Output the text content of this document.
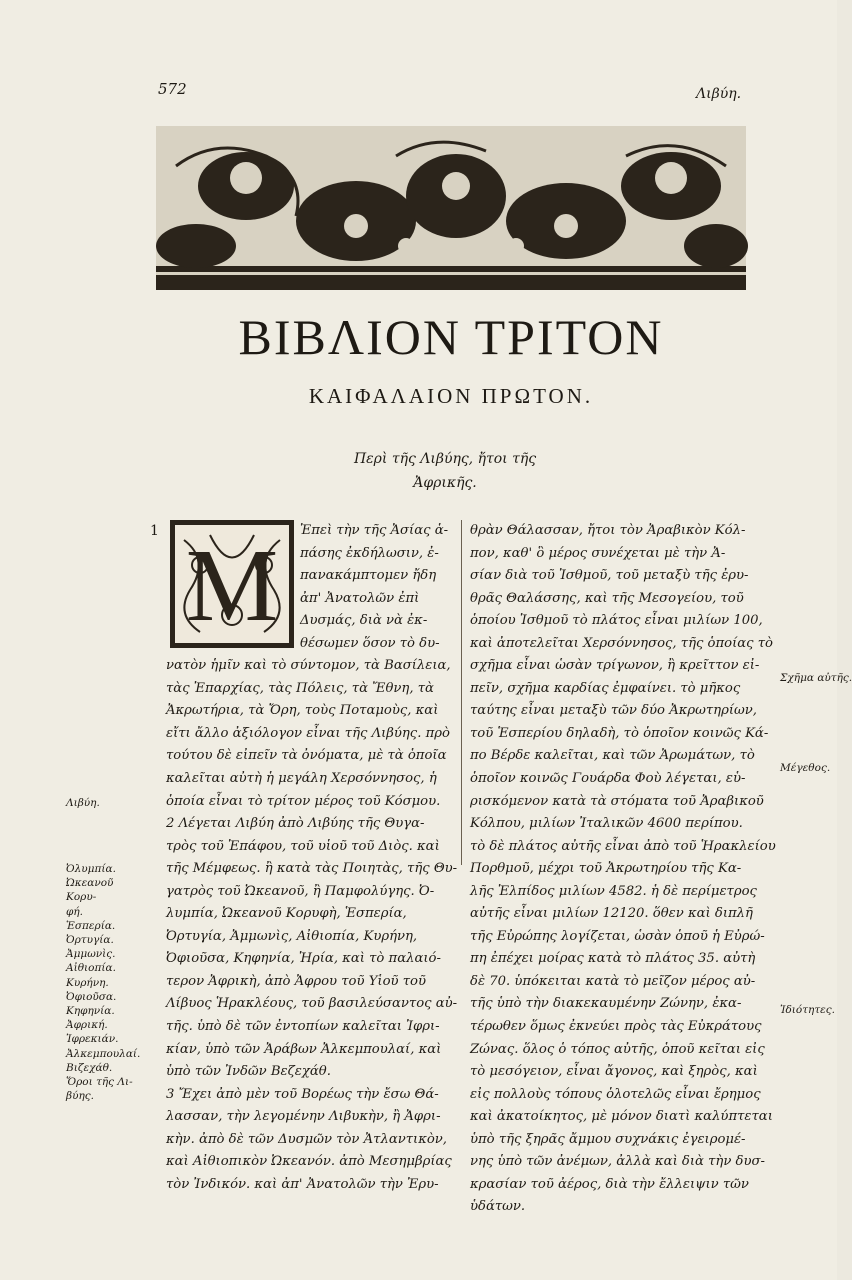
572	Λιβύη.
ΒΙΒΛΙΟΝ ΤΡΙΤΟΝ
ΚΑΙΦΑΛΑΙΟΝ ΠΡΩΤΟΝ.
Περὶ τῆς Λιβύης, ἤτοι τῆς
Ἀφρικῆς.
1 M	Ἐπεὶ τὴν τῆς Ἀσίας ἁ-
πάσης ἐκδήλωσιν, ἐ-
πανακάμπτομεν ἤδη
ἀπ' Ἀνατολῶν ἐπὶ
Δυσμάς, διὰ νὰ ἐκ-
θέσωμεν ὅσον τὸ δυ-
νατὸν ἡμῖν καὶ τὸ σύντομον, τὰ Βασίλεια,
τὰς Ἐπαρχίας, τὰς Πόλεις, τὰ Ἔθνη, τὰ
Ἀκρωτήρια, τὰ Ὄρη, τοὺς Ποταμοὺς, καὶ
εἴτι ἄλλο ἀξιόλογον εἶναι τῆς Λιβύης. πρὸ
τούτου δὲ εἰπεῖν τὰ ὀνόματα, μὲ τὰ ὁποῖα
καλεῖται αὐτὴ ἡ μεγάλη Χερσόννησος, ἡ
ὁποία εἶναι τὸ τρίτον μέρος τοῦ Κόσμου.
2 Λέγεται Λιβύη ἀπὸ Λιβύης τῆς Θυγα-
τρὸς τοῦ Ἐπάφου, τοῦ υἱοῦ τοῦ Διὸς. καὶ
τῆς Μέμφεως. ἢ κατὰ τὰς Ποιητὰς, τῆς Θυ-
γατρὸς τοῦ Ὠκεανοῦ, ἢ Παμφολύγης. Ὀ-
λυμπία, Ὠκεανοῦ Κορυφὴ, Ἑσπερία,
Ὀρτυγία, Ἀμμωνὶς, Αἰθιοπία, Κυρήνη,
Ὀφιοῦσα, Κηφηνία, Ἠρία, καὶ τὸ παλαιό-
τερον Ἀφρικὴ, ἀπὸ Ἀφρου τοῦ Υἱοῦ τοῦ
Λίβυος Ἡρακλέους, τοῦ βασιλεύσαντος αὐ-
τῆς. ὑπὸ δὲ τῶν ἐντοπίων καλεῖται Ἰφρι-
κίαν, ὑπὸ τῶν Ἀράβων Ἀλκεμπουλαί, καὶ
ὑπὸ τῶν Ἰνδῶν Βεζεχάθ.
3 Ἔχει ἀπὸ μὲν τοῦ Βορέως τὴν ἔσω Θά-
λασσαν, τὴν λεγομένην Λιβυκὴν, ἢ Ἀφρι-
κὴν. ἀπὸ δὲ τῶν Δυσμῶν τὸν Ἀτλαντικὸν,
καὶ Αἰθιοπικὸν Ὠκεανόν. ἀπὸ Μεσημβρίας
τὸν Ἰνδικόν. καὶ ἀπ' Ἀνατολῶν τὴν Ἐρυ-
θρὰν Θάλασσαν, ἤτοι τὸν Ἀραβικὸν Κόλ-
πον, καθ' ὃ μέρος συνέχεται μὲ τὴν Ἀ-
σίαν διὰ τοῦ Ἰσθμοῦ, τοῦ μεταξὺ τῆς ἐρυ-
θρᾶς Θαλάσσης, καὶ τῆς Μεσογείου, τοῦ
ὁποίου Ἰσθμοῦ τὸ πλάτος εἶναι μιλίων 100,
καὶ ἀποτελεῖται Χερσόννησος, τῆς ὁποίας τὸ
σχῆμα εἶναι ὡσὰν τρίγωνον, ἢ κρεῖττον εἰ-
πεῖν, σχῆμα καρδίας ἐμφαίνει. τὸ μῆκος
ταύτης εἶναι μεταξὺ τῶν δύο Ἀκρωτηρίων,
τοῦ Ἑσπερίου δηλαδὴ, τὸ ὁποῖον κοινῶς Κά-
πο Βέρδε καλεῖται, καὶ τῶν Ἀρωμάτων, τὸ
ὁποῖον κοινῶς Γουάρδα Φοὺ λέγεται, εὑ-
ρισκόμενον κατὰ τὰ στόματα τοῦ Ἀραβικοῦ
Κόλπου, μιλίων Ἰταλικῶν 4600 περίπου.
τὸ δὲ πλάτος αὐτῆς εἶναι ἀπὸ τοῦ Ἡρακλείου
Πορθμοῦ, μέχρι τοῦ Ἀκρωτηρίου τῆς Κα-
λῆς Ἐλπίδος μιλίων 4582. ἡ δὲ περίμετρος
αὐτῆς εἶναι μιλίων 12120. ὅθεν καὶ διπλῆ
τῆς Εὐρώπης λογίζεται, ὡσὰν ὁποῦ ἡ Εὐρώ-
πη ἐπέχει μοίρας κατὰ τὸ πλάτος 35. αὐτὴ
δὲ 70. ὑπόκειται κατὰ τὸ μεῖζον μέρος αὐ-
τῆς ὑπὸ τὴν διακεκαυμένην Ζώνην, ἐκα-
τέρωθεν ὅμως ἐκνεύει πρὸς τὰς Εὐκράτους
Ζώνας. ὅλος ὁ τόπος αὐτῆς, ὁποῦ κεῖται εἰς
τὸ μεσόγειον, εἶναι ἄγονος, καὶ ξηρὸς, καὶ
εἰς πολλοὺς τόπους ὁλοτελῶς εἶναι ἔρημος
καὶ ἀκατοίκητος, μὲ μόνον διατὶ καλύπτεται
ὑπὸ τῆς ξηρᾶς ἄμμου συχνάκις ἐγειρομέ-
νης ὑπὸ τῶν ἀνέμων, ἀλλὰ καὶ διὰ τὴν δυσ-
κρασίαν τοῦ ἀέρος, διὰ τὴν ἔλλειψιν τῶν
ὑδάτων.
Λιβύη.
Ὀλυμπία.
Ὠκεανοῦ Κορυ-
φή.
Ἑσπερία.
Ὀρτυγία.
Ἀμμωνὶς.
Αἰθιοπία.
Κυρήνη.
Ὀφιοῦσα.
Κηφηνία.
Ἀφρική.
Ἰφρεκιάν.
Ἀλκεμπουλαί.
Βιζεχάθ.
Ὅροι τῆς Λι-
βύης.
Σχῆμα αὐτῆς.
Μέγεθος.
Ἰδιότητες.
